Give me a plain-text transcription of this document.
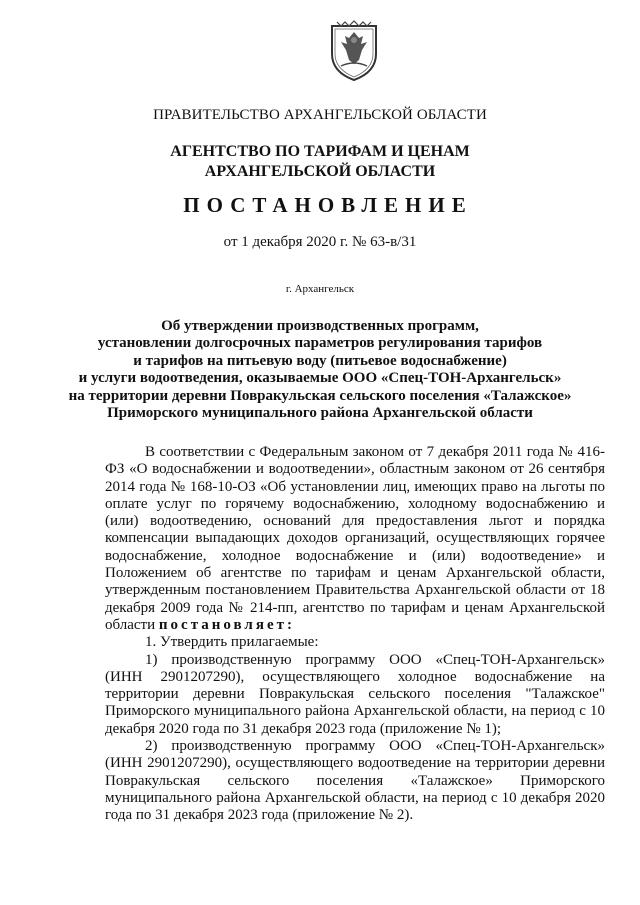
ПРАВИТЕЛЬСТВО АРХАНГЕЛЬСКОЙ ОБЛАСТИ
АГЕНТСТВО ПО ТАРИФАМ И ЦЕНАМ
АРХАНГЕЛЬСКОЙ ОБЛАСТИ
ПОСТАНОВЛЕНИЕ
от 1 декабря 2020 г. № 63-в/31
г. Архангельск
Об утверждении производственных программ,
установлении долгосрочных параметров регулирования тарифов
и тарифов на питьевую воду (питьевое водоснабжение)
и услуги водоотведения, оказываемые ООО «Спец-ТОН-Архангельск»
на территории деревни Повракульская сельского поселения «Талажское»
Приморского муниципального района Архангельской области

В соответствии с Федеральным законом от 7 декабря 2011 года № 416-ФЗ «О водоснабжении и водоотведении», областным законом от 26 сентября 2014 года № 168-10-ОЗ «Об установлении лиц, имеющих право на льготы по оплате услуг по горячему водоснабжению, холодному водоснабжению и (или) водоотведению, оснований для предоставления льгот и порядка компенсации выпадающих доходов организаций, осуществляющих горячее водоснабжение, холодное водоснабжение и (или) водоотведение» и Положением об агентстве по тарифам и ценам Архангельской области, утвержденным постановлением Правительства Архангельской области от 18 декабря 2009 года № 214-пп, агентство по тарифам и ценам Архангельской области постановляет:

1. Утвердить прилагаемые:

1) производственную программу ООО «Спец-ТОН-Архангельск» (ИНН 2901207290), осуществляющего холодное водоснабжение на территории деревни Повракульская сельского поселения "Талажское" Приморского муниципального района Архангельской области, на период с 10 декабря 2020 года по 31 декабря 2023 года (приложение № 1);

2) производственную программу ООО «Спец-ТОН-Архангельск» (ИНН 2901207290), осуществляющего водоотведение на территории деревни Повракульская сельского поселения «Талажское» Приморского муниципального района Архангельской области, на период с 10 декабря 2020 года по 31 декабря 2023 года (приложение № 2).
